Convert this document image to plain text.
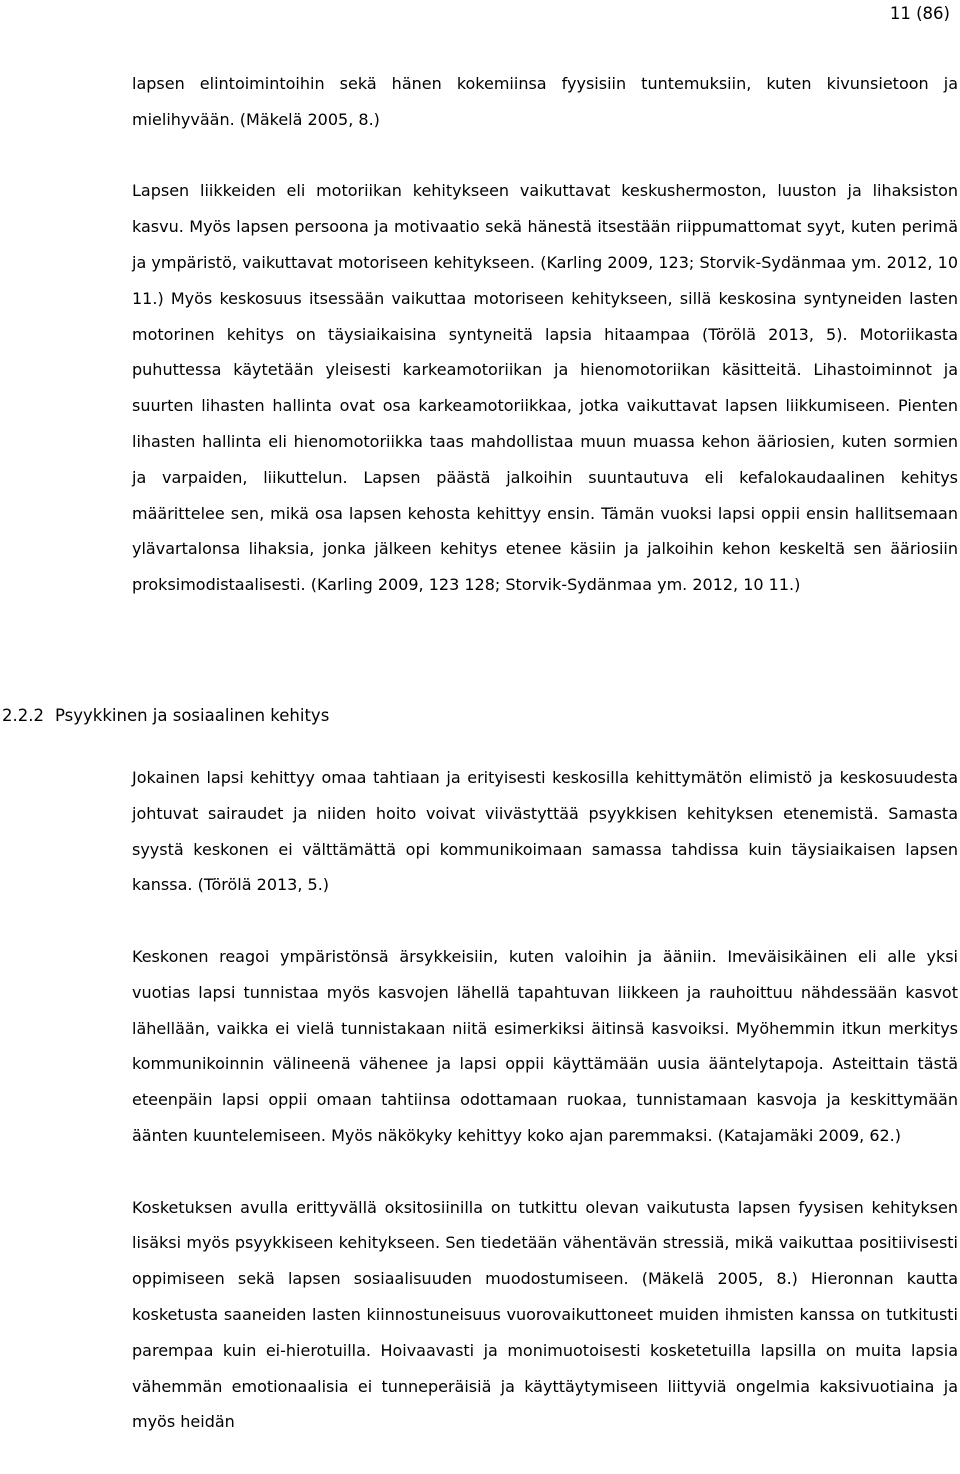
11 (86)

lapsen elintoimintoihin sekä hänen kokemiinsa fyysisiin tuntemuksiin, kuten kivunsietoon ja mielihyvään. (Mäkelä 2005, 8.)

Lapsen liikkeiden eli motoriikan kehitykseen vaikuttavat keskushermoston, luuston ja lihaksiston kasvu. Myös lapsen persoona ja motivaatio sekä hänestä itsestään riippumattomat syyt, kuten perimä ja ympäristö, vaikuttavat motoriseen kehitykseen. (Karling 2009, 123; Storvik-Sydänmaa ym. 2012, 10 11.) Myös keskosuus itsessään vaikuttaa motoriseen kehitykseen, sillä keskosina syntyneiden lasten motorinen kehitys on täysiaikaisina syntyneitä lapsia hitaampaa (Törölä 2013, 5). Motoriikasta puhuttessa käytetään yleisesti karkeamotoriikan ja hienomotoriikan käsitteitä. Lihastoiminnot ja suurten lihasten hallinta ovat osa karkeamotoriikkaa, jotka vaikuttavat lapsen liikkumiseen. Pienten lihasten hallinta eli hienomotoriikka taas mahdollistaa muun muassa kehon ääriosien, kuten sormien ja varpaiden, liikuttelun. Lapsen päästä jalkoihin suuntautuva eli kefalokaudaalinen kehitys määrittelee sen, mikä osa lapsen kehosta kehittyy ensin. Tämän vuoksi lapsi oppii ensin hallitsemaan ylävartalonsa lihaksia, jonka jälkeen kehitys etenee käsiin ja jalkoihin kehon keskeltä sen ääriosiin proksimodistaalisesti. (Karling 2009, 123 128; Storvik-Sydänmaa ym. 2012, 10 11.)

2.2.2 Psyykkinen ja sosiaalinen kehitys

Jokainen lapsi kehittyy omaa tahtiaan ja erityisesti keskosilla kehittymätön elimistö ja keskosuudesta johtuvat sairaudet ja niiden hoito voivat viivästyttää psyykkisen kehityksen etenemistä. Samasta syystä keskonen ei välttämättä opi kommunikoimaan samassa tahdissa kuin täysiaikaisen lapsen kanssa. (Törölä 2013, 5.)

Keskonen reagoi ympäristönsä ärsykkeisiin, kuten valoihin ja ääniin. Imeväisikäinen eli alle yksi vuotias lapsi tunnistaa myös kasvojen lähellä tapahtuvan liikkeen ja rauhoittuu nähdessään kasvot lähellään, vaikka ei vielä tunnistakaan niitä esimerkiksi äitinsä kasvoiksi. Myöhemmin itkun merkitys kommunikoinnin välineenä vähenee ja lapsi oppii käyttämään uusia ääntelytapoja. Asteittain tästä eteenpäin lapsi oppii omaan tahtiinsa odottamaan ruokaa, tunnistamaan kasvoja ja keskittymään äänten kuuntelemiseen. Myös näkökyky kehittyy koko ajan paremmaksi. (Katajamäki 2009, 62.)

Kosketuksen avulla erittyvällä oksitosiinilla on tutkittu olevan vaikutusta lapsen fyysisen kehityksen lisäksi myös psyykkiseen kehitykseen. Sen tiedetään vähentävän stressiä, mikä vaikuttaa positiivisesti oppimiseen sekä lapsen sosiaalisuuden muodostumiseen. (Mäkelä 2005, 8.) Hieronnan kautta kosketusta saaneiden lasten kiinnostuneisuus vuorovaikuttoneet muiden ihmisten kanssa on tutkitusti parempaa kuin ei-hierotuilla. Hoivaavasti ja monimuotoisesti kosketetuilla lapsilla on muita lapsia vähemmän emotionaalisia ei tunneperäisiä ja käyttäytymiseen liittyviä ongelmia kaksivuotiaina ja myös heidän
